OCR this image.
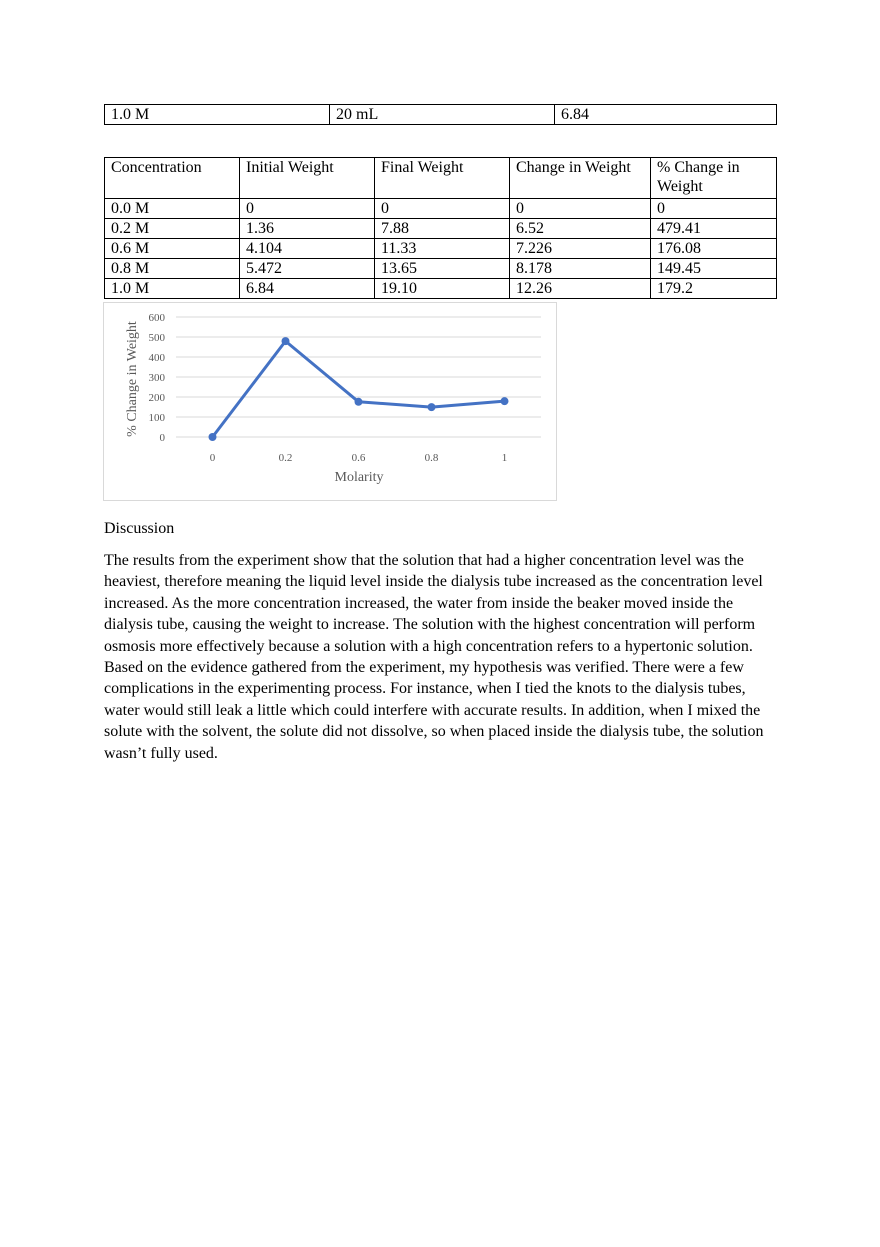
1.0 M	20 mL	6.84
Concentration	Initial Weight	Final Weight	Change in Weight	% Change in Weight
0.0 M	0	0	0	0
0.2 M	1.36	7.88	6.52	479.41
0.6 M	4.104	11.33	7.226	176.08
0.8 M	5.472	13.65	8.178	149.45
1.0 M	6.84	19.10	12.26	179.2
0
100
200
300
400
500
600
0	0.2	0.6	0.8	1
% Change in Weight
Molarity
Discussion

The results from the experiment show that the solution that had a higher concentration level was the heaviest, therefore meaning the liquid level inside the dialysis tube increased as the concentration level increased. As the more concentration increased, the water from inside the beaker moved inside the dialysis tube, causing the weight to increase. The solution with the highest concentration will perform osmosis more effectively because a solution with a high concentration refers to a hypertonic solution. Based on the evidence gathered from the experiment, my hypothesis was verified. There were a few complications in the experimenting process. For instance, when I tied the knots to the dialysis tubes, water would still leak a little which could interfere with accurate results. In addition, when I mixed the solute with the solvent, the solute did not dissolve, so when placed inside the dialysis tube, the solution wasn’t fully used.
